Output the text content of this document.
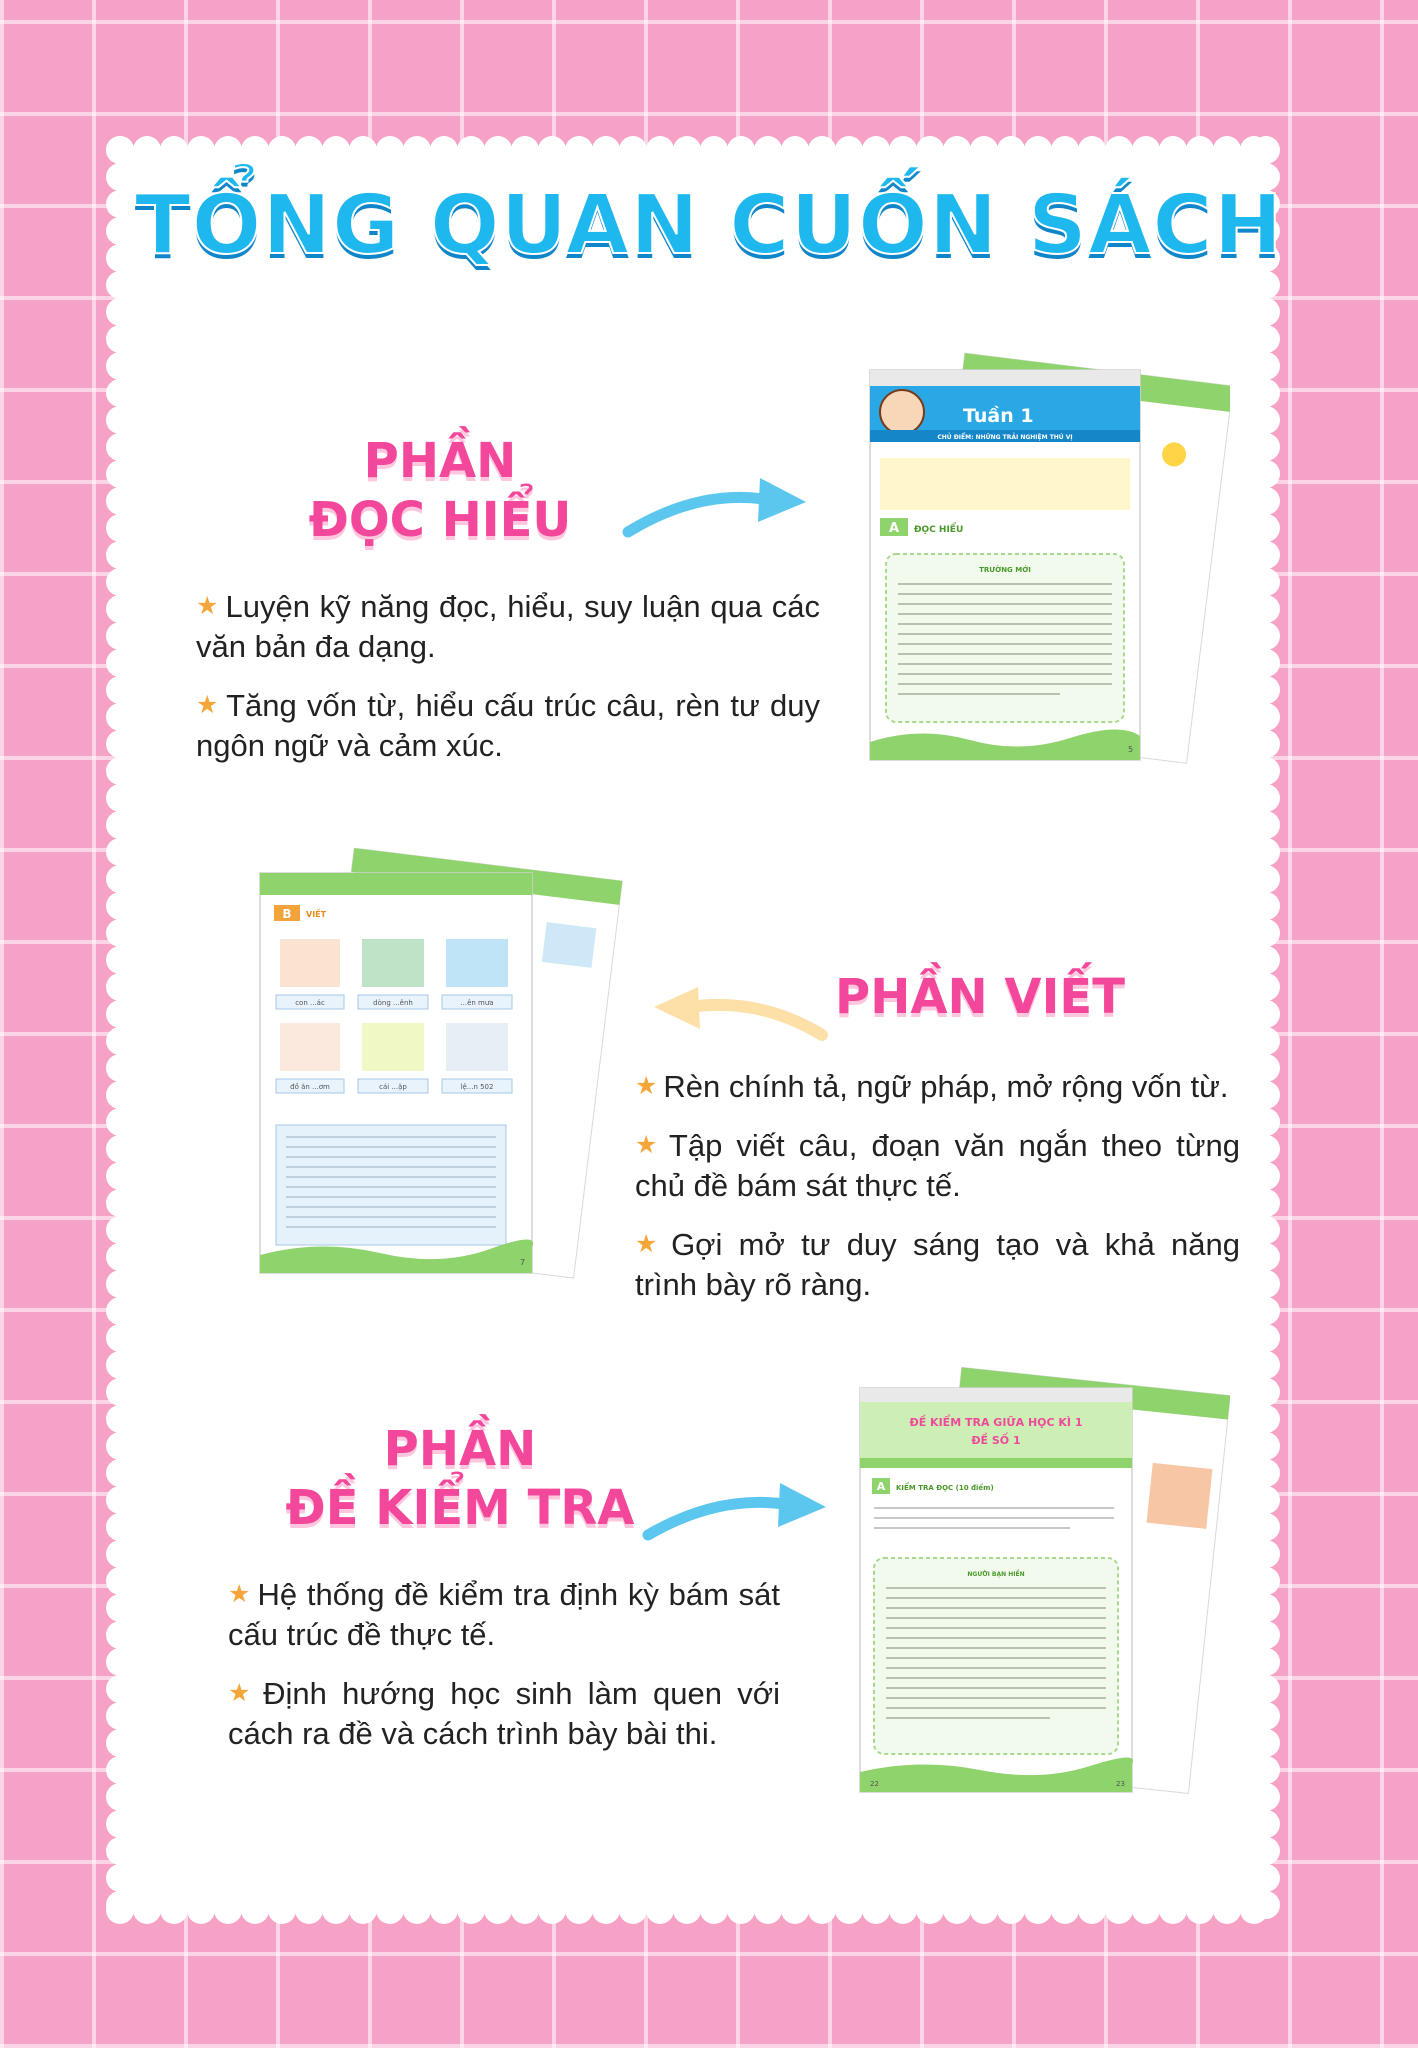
TỔNG QUAN CUỐN SÁCH
PHẦN
ĐỌC HIỂU
★ Luyện kỹ năng đọc, hiểu, suy luận qua các văn bản đa dạng.
★ Tăng vốn từ, hiểu cấu trúc câu, rèn tư duy ngôn ngữ và cảm xúc.
A ĐỌC HIỂU
TRƯỜNG MỚI
Tuần 1
CHỦ ĐIỂM: NHỮNG TRẢI NGHIỆM THÚ VỊ
5
B VIẾT
con ...ác	dòng ...ênh	...ên mưa
đồ ăn ...ơm	cái ...ặp	lệ...n 502
7
PHẦN VIẾT
★ Rèn chính tả, ngữ pháp, mở rộng vốn từ.
★ Tập viết câu, đoạn văn ngắn theo từng chủ đề bám sát thực tế.
★ Gợi mở tư duy sáng tạo và khả năng trình bày rõ ràng.
PHẦN
ĐỀ KIỂM TRA
★ Hệ thống đề kiểm tra định kỳ bám sát cấu trúc đề thực tế.
★ Định hướng học sinh làm quen với cách ra đề và cách trình bày bài thi.
ĐỀ KIỂM TRA GIỮA HỌC KÌ 1
ĐỀ SỐ 1
A KIỂM TRA ĐỌC (10 điểm)
NGƯỜI BẠN HIỀN
22	23
